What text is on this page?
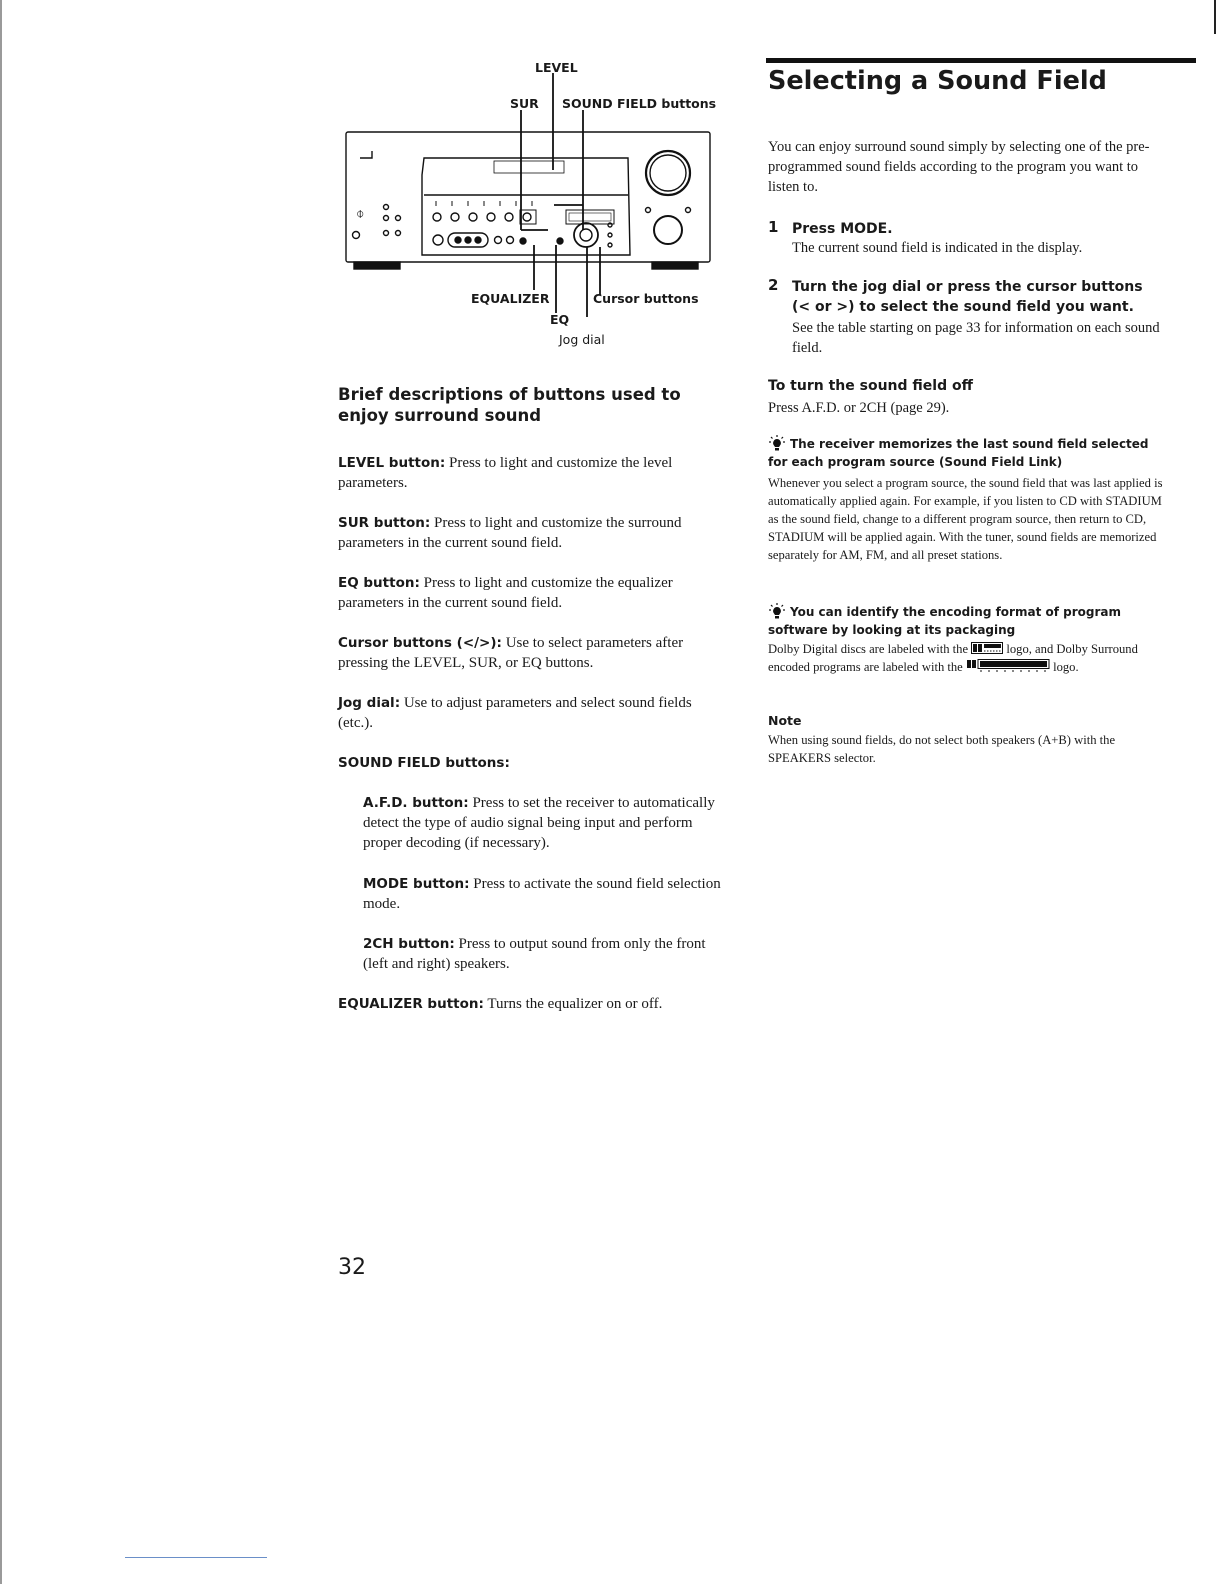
⌽
LEVEL
SUR SOUND FIELD buttons
EQUALIZER	Cursor buttons
EQ
Jog dial
Brief descriptions of buttons used to enjoy surround sound
LEVEL button: Press to light and customize the level parameters.
SUR button: Press to light and customize the surround parameters in the current sound field.
EQ button: Press to light and customize the equalizer parameters in the current sound field.
Cursor buttons (</>): Use to select parameters after pressing the LEVEL, SUR, or EQ buttons.
Jog dial: Use to adjust parameters and select sound fields (etc.).
SOUND FIELD buttons:
A.F.D. button: Press to set the receiver to automatically detect the type of audio signal being input and perform proper decoding (if necessary).
MODE button: Press to activate the sound field selection mode.
2CH button: Press to output sound from only the front (left and right) speakers.
EQUALIZER button: Turns the equalizer on or off.
Selecting a Sound Field
You can enjoy surround sound simply by selecting one of the pre-programmed sound fields according to the program you want to listen to.
1 Press MODE.
The current sound field is indicated in the display.
2 Turn the jog dial or press the cursor buttons (< or >) to select the sound field you want.
See the table starting on page 33 for information on each sound field.
To turn the sound field off
Press A.F.D. or 2CH (page 29).
The receiver memorizes the last sound field selected for each program source (Sound Field Link)
Whenever you select a program source, the sound field that was last applied is automatically applied again. For example, if you listen to CD with STADIUM as the sound field, change to a different program source, then return to CD, STADIUM will be applied again. With the tuner, sound fields are memorized separately for AM, FM, and all preset stations.
You can identify the encoding format of program software by looking at its packaging
Dolby Digital discs are labeled with the	logo, and Dolby Surround encoded programs are labeled with the	logo.
Note
When using sound fields, do not select both speakers (A+B) with the SPEAKERS selector.
32
